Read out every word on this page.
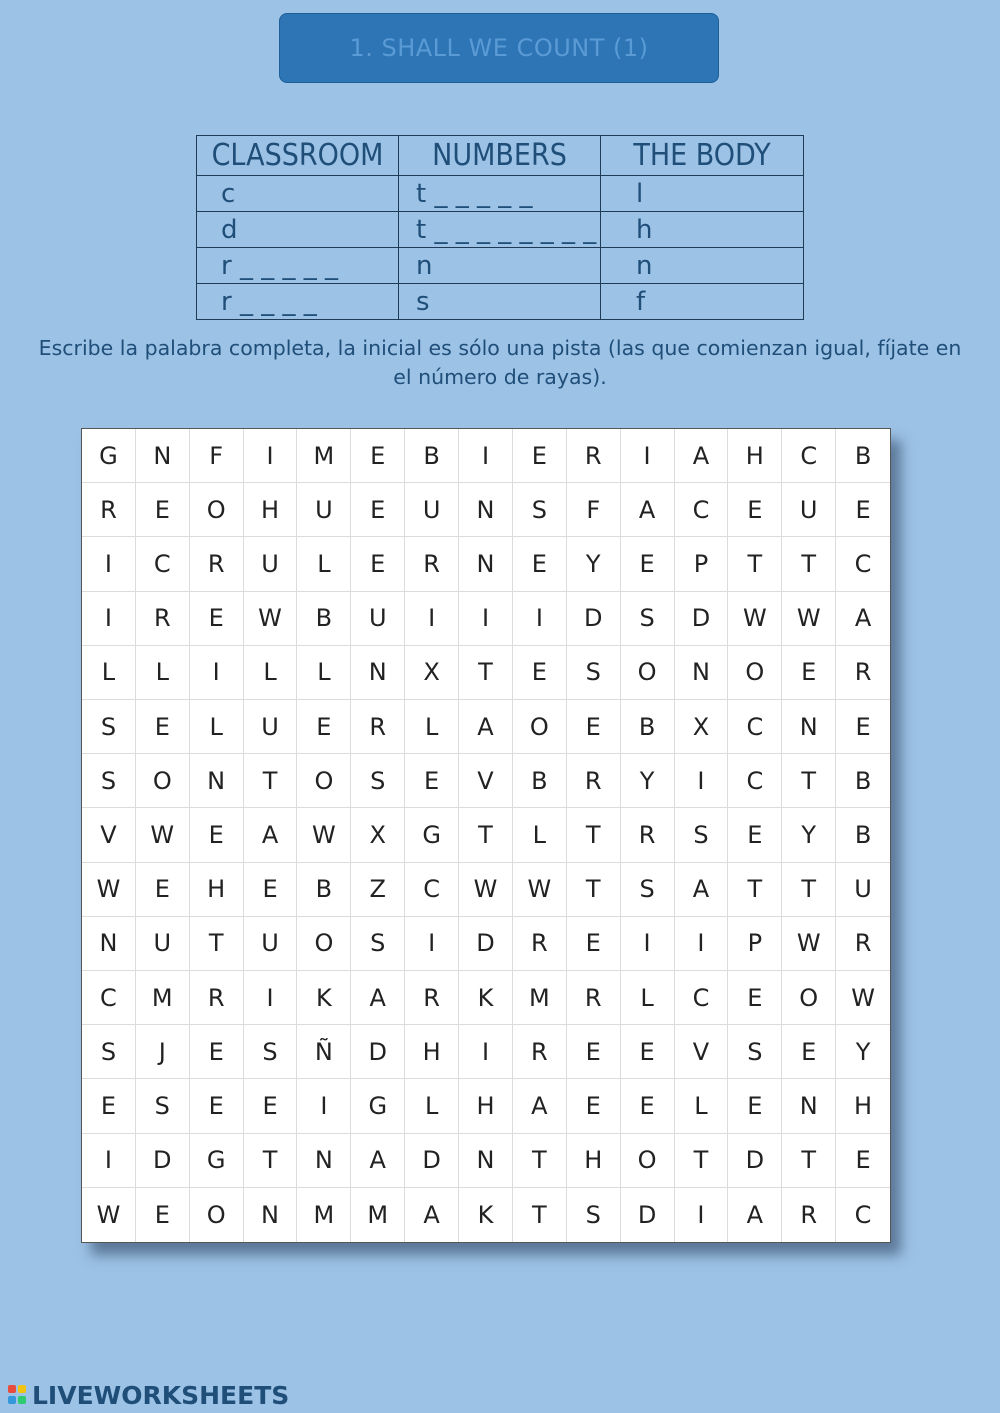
1. SHALL WE COUNT (1)
CLASSROOM	NUMBERS	THE BODY
c	t _ _ _ _ _	l
d	t _ _ _ _ _ _ _ _	h
r _ _ _ _ _	n	n
r _ _ _ _	s	f
Escribe la palabra completa, la inicial es sólo una pista (las que comienzan igual, fíjate en el número de rayas).
G	N	F	I	M	E	B	I	E	R	I	A	H	C	B
R	E	O	H	U	E	U	N	S	F	A	C	E	U	E
I	C	R	U	L	E	R	N	E	Y	E	P	T	T	C
I	R	E	W	B	U	I	I	I	D	S	D	W	W	A
L	L	I	L	L	N	X	T	E	S	O	N	O	E	R
S	E	L	U	E	R	L	A	O	E	B	X	C	N	E
S	O	N	T	O	S	E	V	B	R	Y	I	C	T	B
V	W	E	A	W	X	G	T	L	T	R	S	E	Y	B
W	E	H	E	B	Z	C	W	W	T	S	A	T	T	U
N	U	T	U	O	S	I	D	R	E	I	I	P	W	R
C	M	R	I	K	A	R	K	M	R	L	C	E	O	W
S	J	E	S	Ñ	D	H	I	R	E	E	V	S	E	Y
E	S	E	E	I	G	L	H	A	E	E	L	E	N	H
I	D	G	T	N	A	D	N	T	H	O	T	D	T	E
W	E	O	N	M	M	A	K	T	S	D	I	A	R	C
LIVEWORKSHEETS
